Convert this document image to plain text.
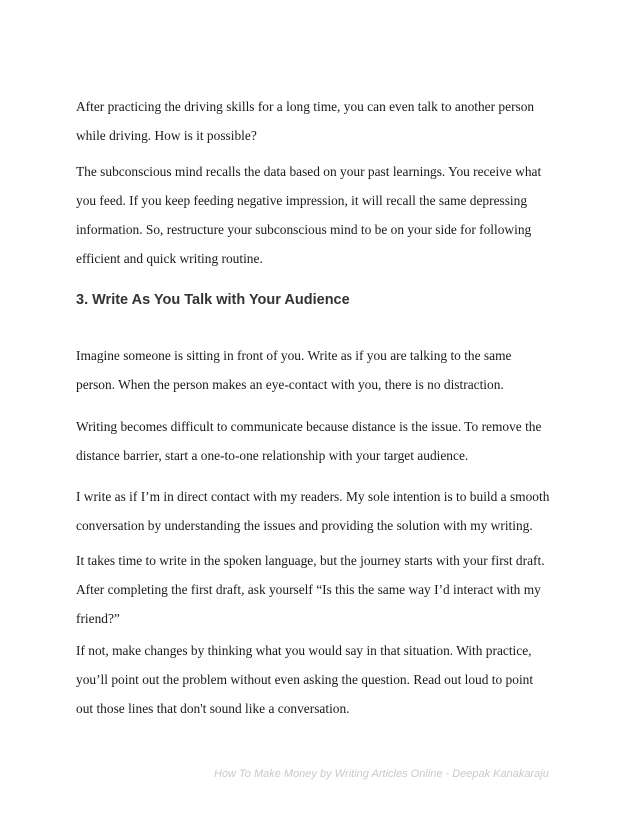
After practicing the driving skills for a long time, you can even talk to another person
while driving. How is it possible?

The subconscious mind recalls the data based on your past learnings. You receive what
you feed. If you keep feeding negative impression, it will recall the same depressing
information. So, restructure your subconscious mind to be on your side for following
efficient and quick writing routine.

3. Write As You Talk with Your Audience

Imagine someone is sitting in front of you. Write as if you are talking to the same
person. When the person makes an eye-contact with you, there is no distraction.

Writing becomes difficult to communicate because distance is the issue. To remove the
distance barrier, start a one-to-one relationship with your target audience.

I write as if I’m in direct contact with my readers. My sole intention is to build a smooth
conversation by understanding the issues and providing the solution with my writing.

It takes time to write in the spoken language, but the journey starts with your first draft.
After completing the first draft, ask yourself “Is this the same way I’d interact with my
friend?”

If not, make changes by thinking what you would say in that situation. With practice,
you’ll point out the problem without even asking the question. Read out loud to point
out those lines that don't sound like a conversation.

How To Make Money by Writing Articles Online - Deepak Kanakaraju
